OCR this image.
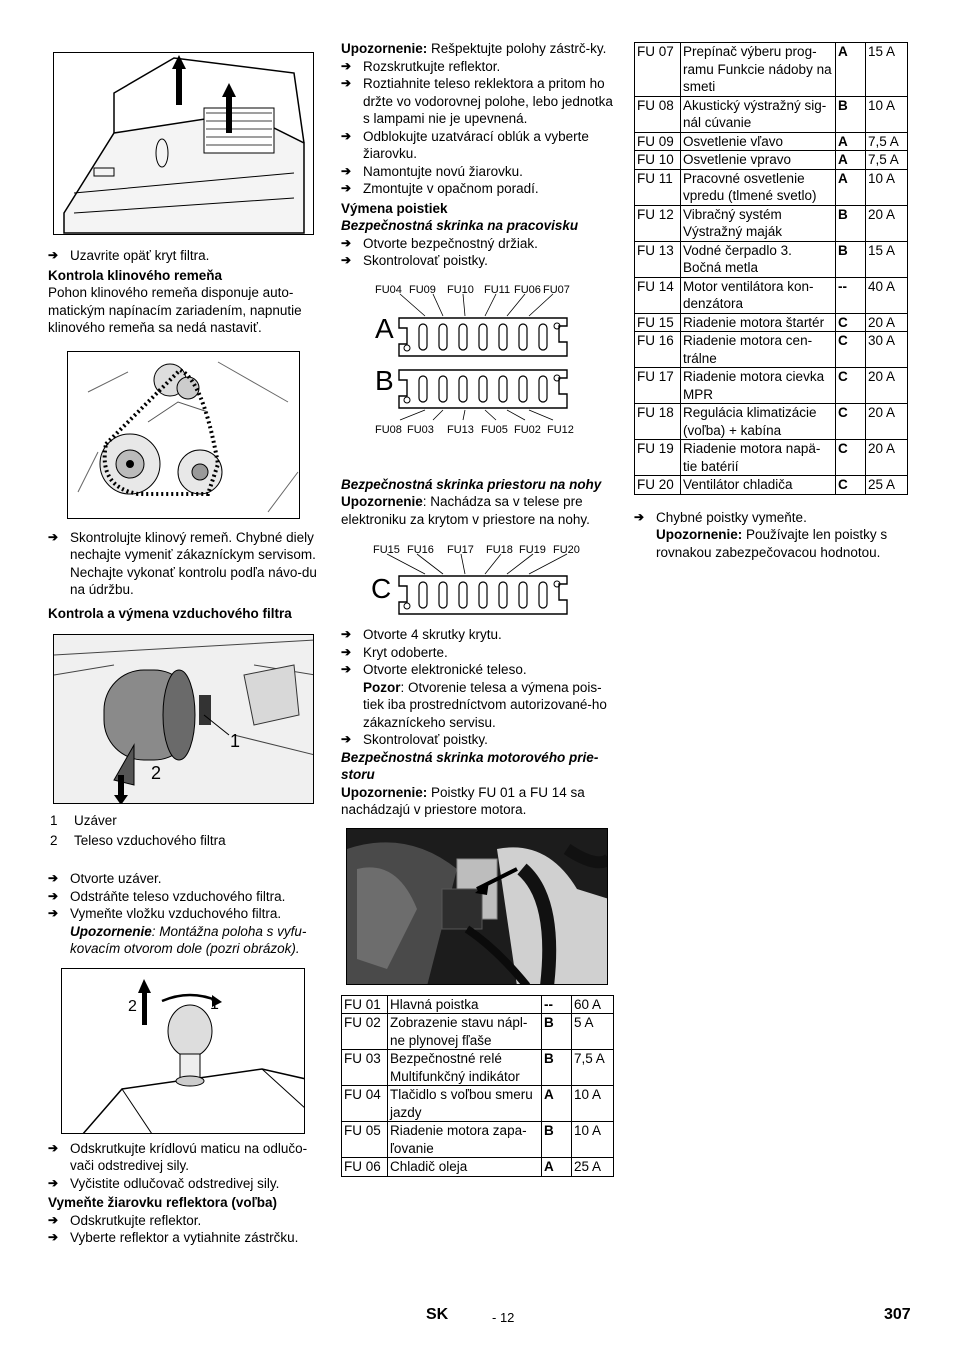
➔ Uzavrite opäť kryt filtra.

Kontrola klinového remeňa

Pohon klinového remeňa disponuje auto-matickým napínacím zariadením, napnutie klinového remeňa sa nedá nastaviť.

➔ Skontrolujte klinový remeň. Chybné diely nechajte vymeniť zákazníckym servisom.

Nechajte vykonať kontrolu podľa návo-du na údržbu.

Kontrola a výmena vzduchového filtra

1
2
1	Uzáver
2	Teleso vzduchového filtra

➔ Otvorte uzáver.

➔ Odstráňte teleso vzduchového filtra.

➔ Vymeňte vložku vzduchového filtra.

Upozornenie: Montážna poloha s vyfu-kovacím otvorom dole (pozri obrázok).

2	1

➔ Odskrutkujte krídlovú maticu na odlučo-vači odstredivej sily.

➔ Vyčistite odlučovač odstredivej sily.

Vymeňte žiarovku reflektora (voľba)

➔ Odskrutkujte reflektor.

➔ Vyberte reflektor a vytiahnite zástrčku.

Upozornenie: Rešpektujte polohy zástrč-ky.

➔ Rozskrutkujte reflektor.

➔ Roztiahnite teleso reklektora a pritom ho držte vo vodorovnej polohe, lebo jednotka s lampami nie je upevnená.

➔ Odblokujte uzatvárací oblúk a vyberte žiarovku.

➔ Namontujte novú žiarovku.

➔ Zmontujte v opačnom poradí.

Výmena poistiek

Bezpečnostná skrinka na pracovisku

➔ Otvorte bezpečnostný držiak.

➔ Skontrolovať poistky.

FU04 FU09 FU10 FU11 FU06 FU07
A
B
FU08 FU03 FU13 FU05 FU02 FU12

Bezpečnostná skrinka priestoru na nohy

Upozornenie: Nachádza sa v telese pre elektroniku za krytom v priestore na nohy.

FU15 FU16 FU17 FU18 FU19 FU20
C

➔ Otvorte 4 skrutky krytu.

➔ Kryt odoberte.

➔ Otvorte elektronické teleso.

Pozor: Otvorenie telesa a výmena pois-tiek iba prostredníctvom autorizované-ho zákazníckeho servisu.

➔ Skontrolovať poistky.

Bezpečnostná skrinka motorového prie-storu

Upozornenie: Poistky FU 01 a FU 14 sa nachádzajú v priestore motora.

FU 01	Hlavná poistka	--	60 A
FU 02	Zobrazenie stavu nápl-ne plynovej fľaše	B	5 A
FU 03	Bezpečnostné relé Multifunkčný indikátor	B	7,5 A
FU 04	Tlačidlo s voľbou smeru jazdy	A	10 A
FU 05	Riadenie motora zapa-ľovanie	B	10 A
FU 06	Chladič oleja	A	25 A
FU 07	Prepínač výberu prog-ramu Funkcie nádoby na smeti	A	15 A
FU 08	Akustický výstražný sig-nál cúvanie	B	10 A
FU 09	Osvetlenie vľavo	A	7,5 A
FU 10	Osvetlenie vpravo	A	7,5 A
FU 11	Pracovné osvetlenie vpredu (tlmené svetlo)	A	10 A
FU 12	Vibračný systém Výstražný maják	B	20 A
FU 13	Vodné čerpadlo 3. Bočná metla	B	15 A
FU 14	Motor ventilátora kon-denzátora	--	40 A
FU 15	Riadenie motora štartér	C	20 A
FU 16	Riadenie motora cen-trálne	C	30 A
FU 17	Riadenie motora cievka MPR	C	20 A
FU 18	Regulácia klimatizácie (voľba) + kabína	C	20 A
FU 19	Riadenie motora napä-tie batérií	C	20 A
FU 20	Ventilátor chladiča	C	25 A

➔ Chybné poistky vymeňte.

Upozornenie: Používajte len poistky s rovnakou zabezpečovacou hodnotou.

SK	- 12	307
